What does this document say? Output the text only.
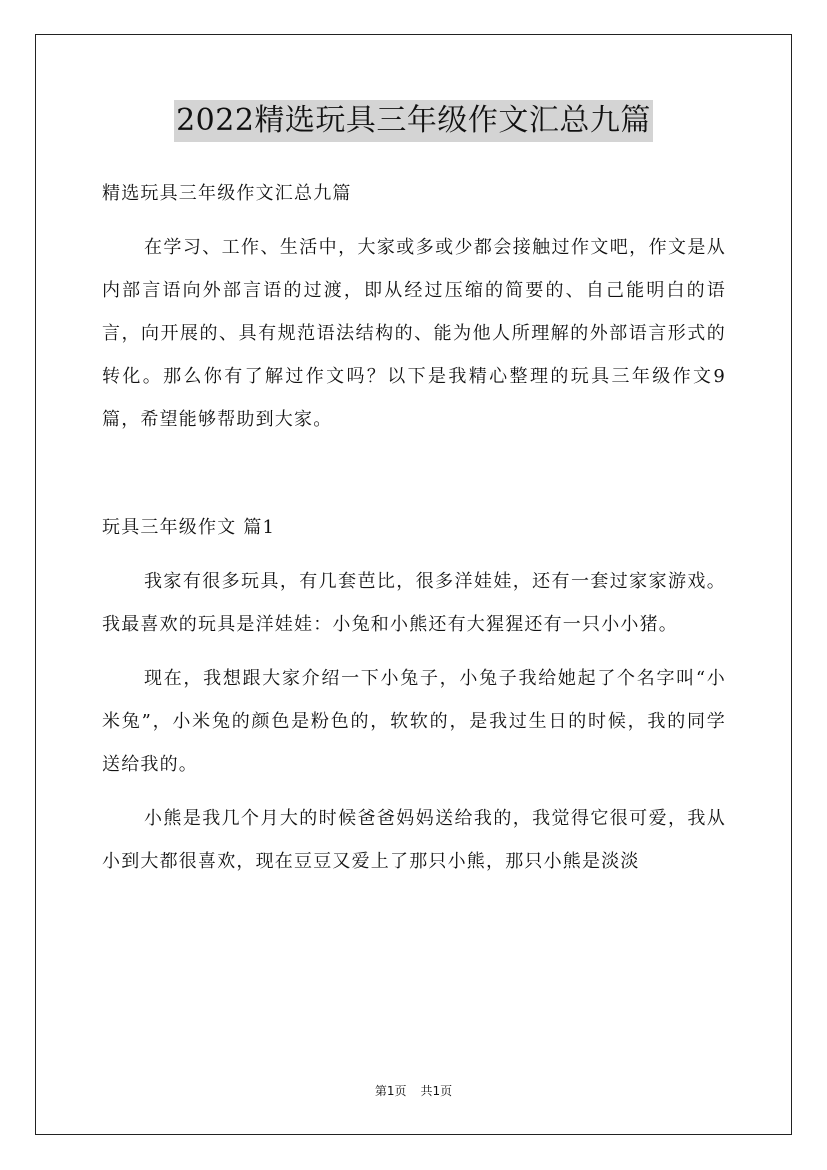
2022精选玩具三年级作文汇总九篇

精选玩具三年级作文汇总九篇

在学习、工作、生活中，大家或多或少都会接触过作文吧，作文是从内部言语向外部言语的过渡，即从经过压缩的简要的、自己能明白的语言，向开展的、具有规范语法结构的、能为他人所理解的外部语言形式的转化。那么你有了解过作文吗？以下是我精心整理的玩具三年级作文9篇，希望能够帮助到大家。

玩具三年级作文 篇1

我家有很多玩具，有几套芭比，很多洋娃娃，还有一套过家家游戏。我最喜欢的玩具是洋娃娃：小兔和小熊还有大猩猩还有一只小小猪。

现在，我想跟大家介绍一下小兔子，小兔子我给她起了个名字叫“小米兔”，小米兔的颜色是粉色的，软软的，是我过生日的时候，我的同学送给我的。

小熊是我几个月大的时候爸爸妈妈送给我的，我觉得它很可爱，我从小到大都很喜欢，现在豆豆又爱上了那只小熊，那只小熊是淡淡

第1页 共1页
